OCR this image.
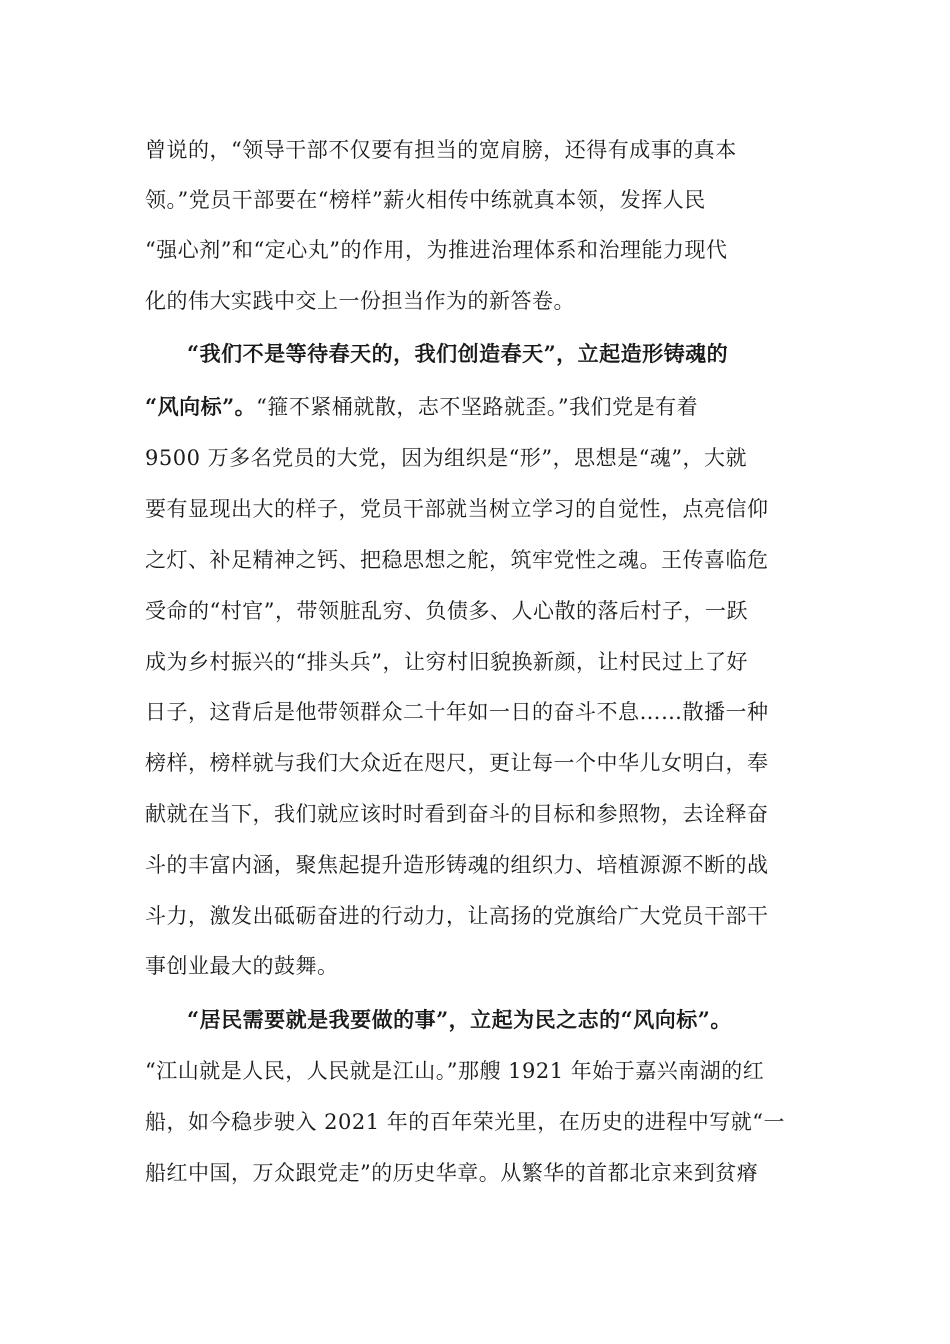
曾说的，“领导干部不仅要有担当的宽肩膀，还得有成事的真本
领。”党员干部要在“榜样”薪火相传中练就真本领，发挥人民
“强心剂”和“定心丸”的作用，为推进治理体系和治理能力现代
化的伟大实践中交上一份担当作为的新答卷。
“我们不是等待春天的，我们创造春天”，立起造形铸魂的
“风向标”。“箍不紧桶就散，志不坚路就歪。”我们党是有着
9500 万多名党员的大党，因为组织是“形”，思想是“魂”，大就
要有显现出大的样子，党员干部就当树立学习的自觉性，点亮信仰
之灯、补足精神之钙、把稳思想之舵，筑牢党性之魂。王传喜临危
受命的“村官”，带领脏乱穷、负债多、人心散的落后村子，一跃
成为乡村振兴的“排头兵”，让穷村旧貌换新颜，让村民过上了好
日子，这背后是他带领群众二十年如一日的奋斗不息……散播一种
榜样，榜样就与我们大众近在咫尺，更让每一个中华儿女明白，奉
献就在当下，我们就应该时时看到奋斗的目标和参照物，去诠释奋
斗的丰富内涵，聚焦起提升造形铸魂的组织力、培植源源不断的战
斗力，激发出砥砺奋进的行动力，让高扬的党旗给广大党员干部干
事创业最大的鼓舞。
“居民需要就是我要做的事”，立起为民之志的“风向标”。
“江山就是人民，人民就是江山。”那艘 1921 年始于嘉兴南湖的红
船，如今稳步驶入 2021 年的百年荣光里，在历史的进程中写就“一
船红中国，万众跟党走”的历史华章。从繁华的首都北京来到贫瘠
